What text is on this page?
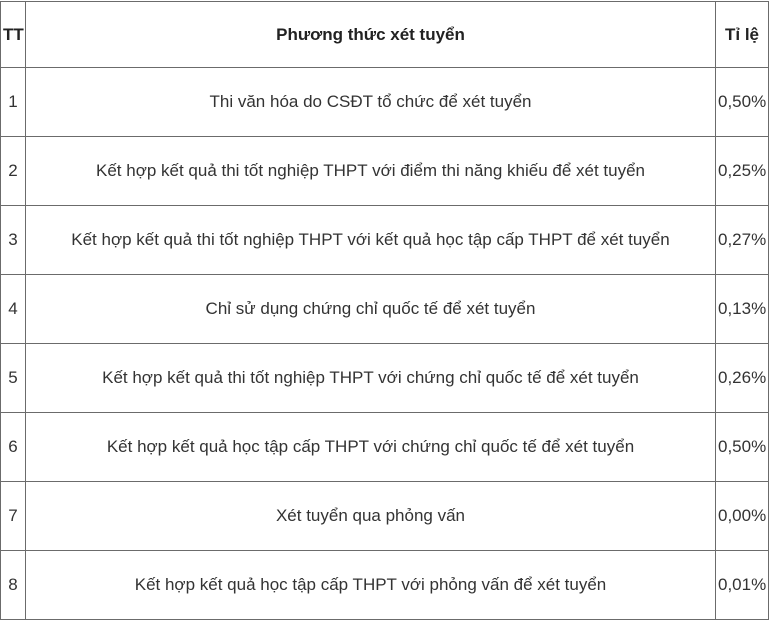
TT	Phương thức xét tuyển	Tỉ lệ
1	Thi văn hóa do CSĐT tổ chức để xét tuyển	0,50%
2	Kết hợp kết quả thi tốt nghiệp THPT với điểm thi năng khiếu để xét tuyển	0,25%
3	Kết hợp kết quả thi tốt nghiệp THPT với kết quả học tập cấp THPT để xét tuyển	0,27%
4	Chỉ sử dụng chứng chỉ quốc tế để xét tuyển	0,13%
5	Kết hợp kết quả thi tốt nghiệp THPT với chứng chỉ quốc tế để xét tuyển	0,26%
6	Kết hợp kết quả học tập cấp THPT với chứng chỉ quốc tế để xét tuyển	0,50%
7	Xét tuyển qua phỏng vấn	0,00%
8	Kết hợp kết quả học tập cấp THPT với phỏng vấn để xét tuyển	0,01%
